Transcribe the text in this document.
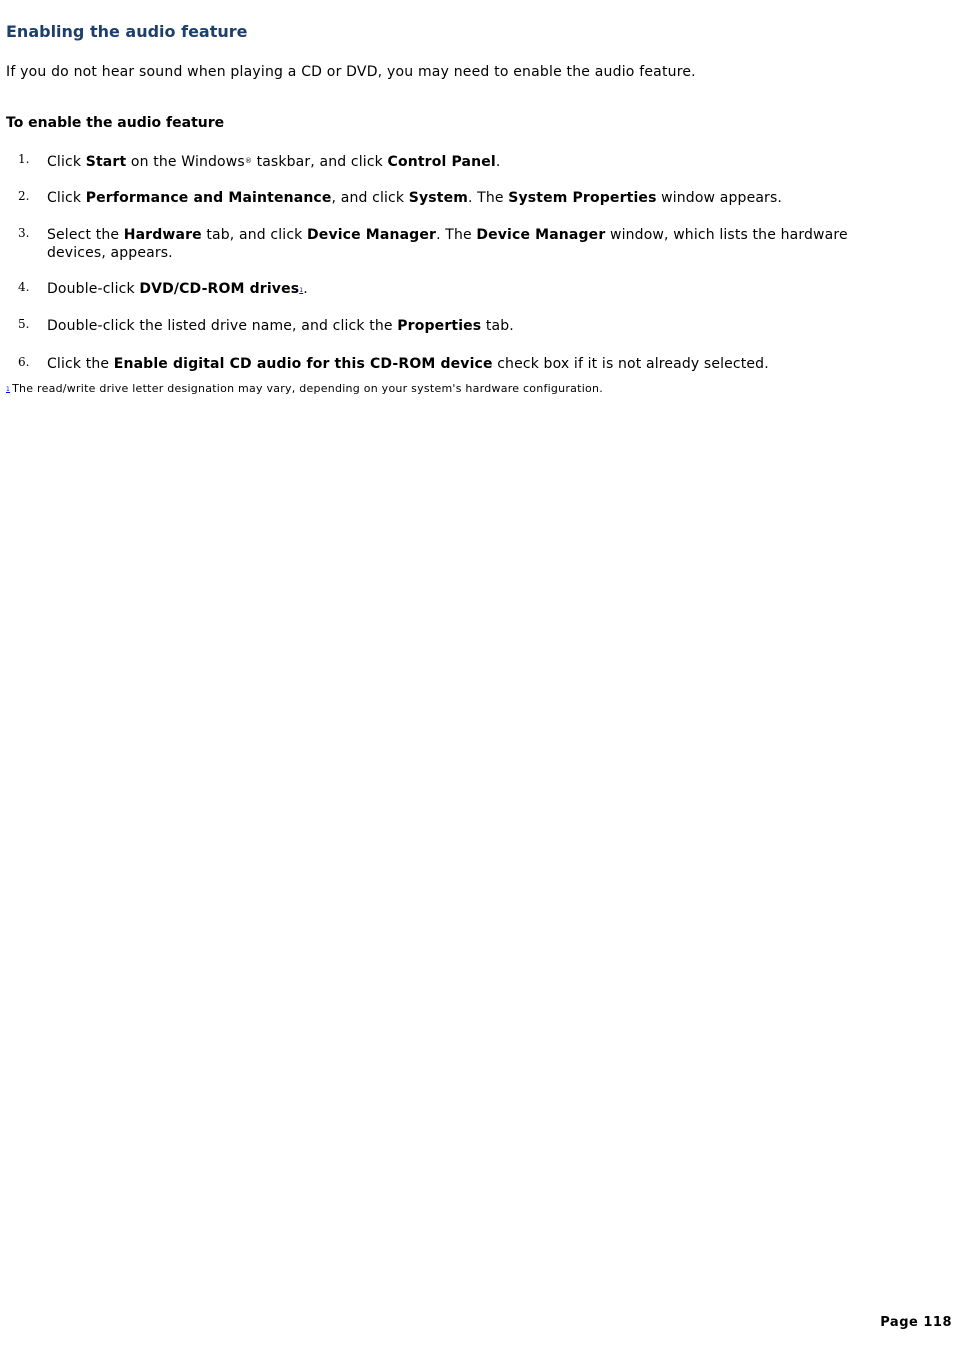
Enabling the audio feature

If you do not hear sound when playing a CD or DVD, you may need to enable the audio feature.

To enable the audio feature
1. Click Start on the Windows® taskbar, and click Control Panel.
2. Click Performance and Maintenance, and click System. The System Properties window appears.
3. Select the Hardware tab, and click Device Manager. The Device Manager window, which lists the hardware devices, appears.
4. Double-click DVD/CD-ROM drives1.
5. Double-click the listed drive name, and click the Properties tab.
6. Click the Enable digital CD audio for this CD-ROM device check box if it is not already selected.

1 The read/write drive letter designation may vary, depending on your system's hardware configuration.

Page 118
